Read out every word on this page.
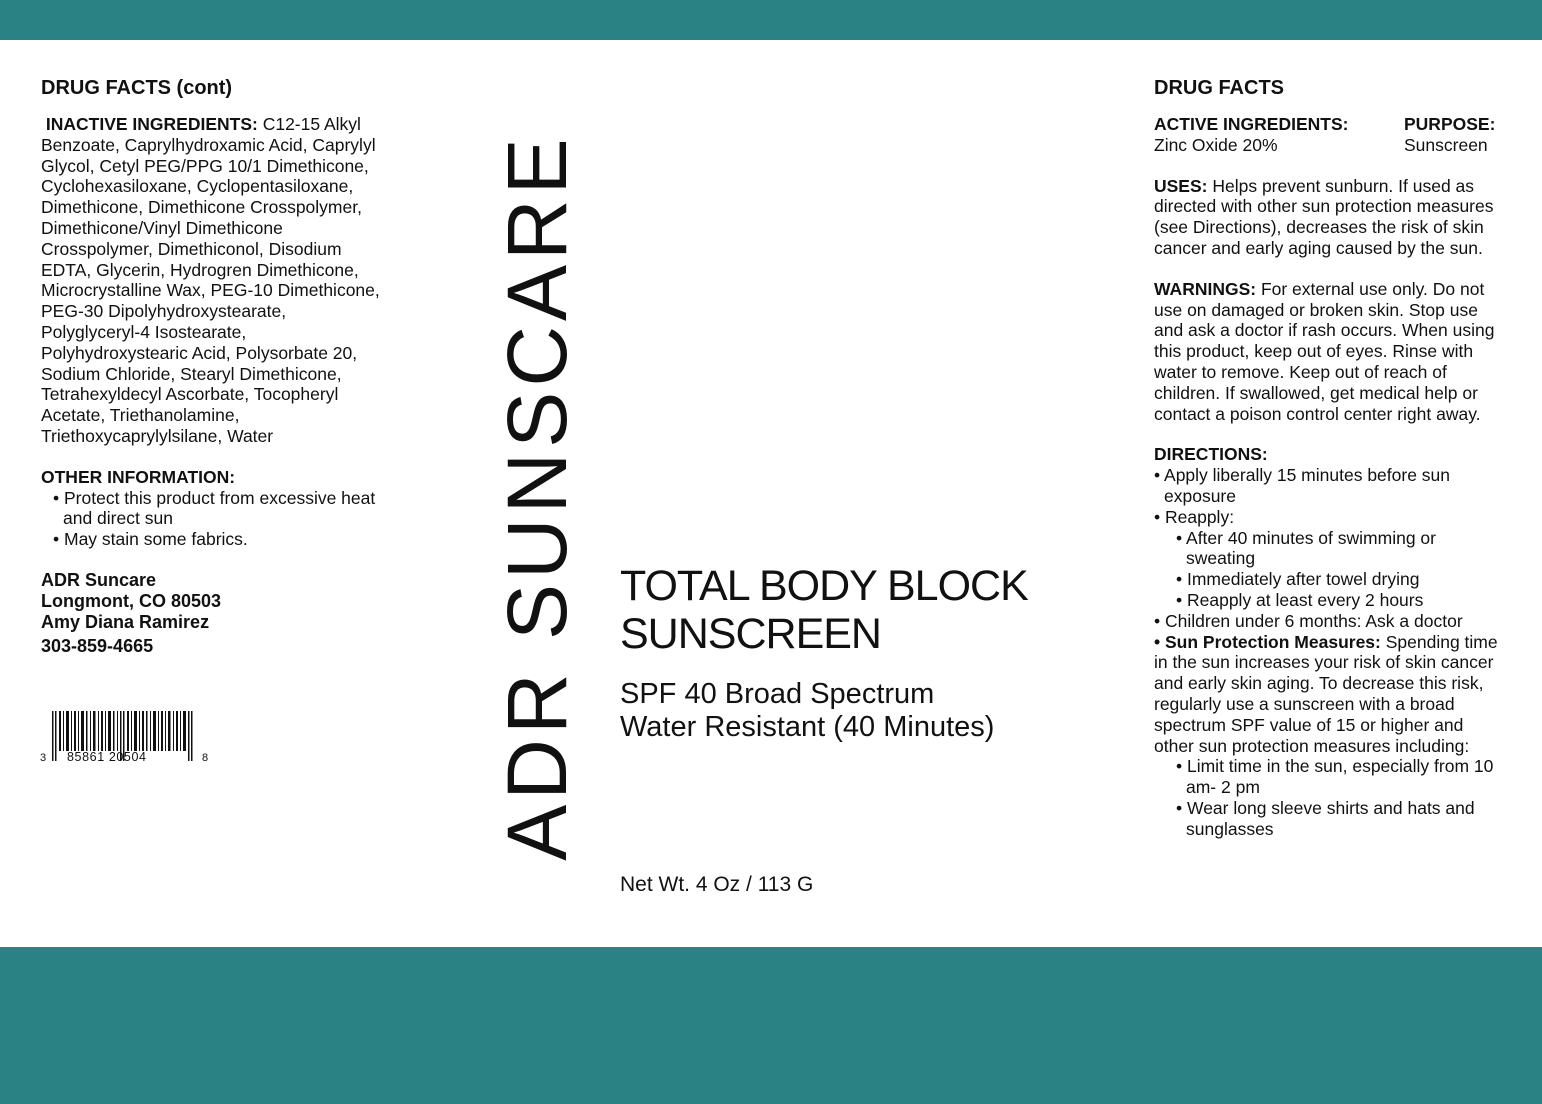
DRUG FACTS (cont)
INACTIVE INGREDIENTS: C12-15 Alkyl Benzoate, Caprylhydroxamic Acid, Caprylyl Glycol, Cetyl PEG/PPG 10/1 Dimethicone, Cyclohexasiloxane, Cyclopentasiloxane, Dimethicone, Dimethicone Crosspolymer, Dimethicone/Vinyl Dimethicone Crosspolymer, Dimethiconol, Disodium EDTA, Glycerin, Hydrogren Dimethicone, Microcrystalline Wax, PEG-10 Dimethicone, PEG-30 Dipolyhydroxystearate, Polyglyceryl-4 Isostearate, Polyhydroxystearic Acid, Polysorbate 20, Sodium Chloride, Stearyl Dimethicone, Tetrahexyldecyl Ascorbate, Tocopheryl Acetate, Triethanolamine, Triethoxycaprylylsilane, Water
OTHER INFORMATION:
• Protect this product from excessive heat and direct sun
• May stain some fabrics.
ADR Suncare
Longmont, CO 80503
Amy Diana Ramirez
303-859-4665
3 85861 20504	8	ADR SUNSCARE TOTAL BODY BLOCK
SUNSCREEN
SPF 40 Broad Spectrum
Water Resistant (40 Minutes)
Net Wt. 4 Oz / 113 G
DRUG FACTS
ACTIVE INGREDIENTS:
Zinc Oxide 20%
PURPOSE:
Sunscreen
USES: Helps prevent sunburn. If used as directed with other sun protection measures (see Directions), decreases the risk of skin cancer and early aging caused by the sun.
WARNINGS: For external use only. Do not use on damaged or broken skin. Stop use and ask a doctor if rash occurs. When using this product, keep out of eyes. Rinse with water to remove. Keep out of reach of children. If swallowed, get medical help or contact a poison control center right away.
DIRECTIONS:
• Apply liberally 15 minutes before sun exposure
• Reapply:
• After 40 minutes of swimming or sweating
• Immediately after towel drying
• Reapply at least every 2 hours
• Children under 6 months: Ask a doctor
• Sun Protection Measures: Spending time in the sun increases your risk of skin cancer and early skin aging. To decrease this risk, regularly use a sunscreen with a broad spectrum SPF value of 15 or higher and other sun protection measures including:
• Limit time in the sun, especially from 10 am- 2 pm
• Wear long sleeve shirts and hats and sunglasses
